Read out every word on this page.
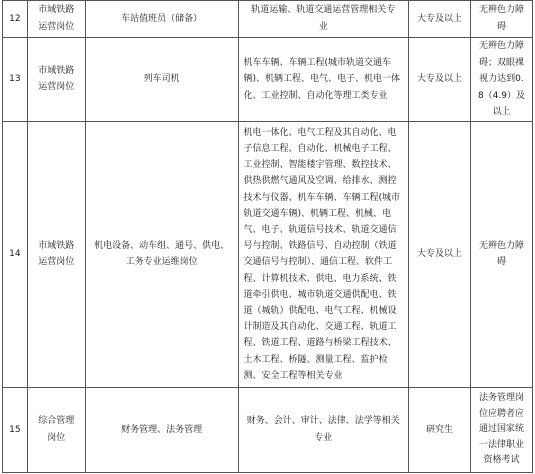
12	市域铁路运营岗位	车站值班员（储备）	轨道运输、轨道交通运营管理相关专业	大专及以上	无辨色力障碍
13	市域铁路运营岗位	列车司机	机车车辆、车辆工程(城市轨道交通车辆)、机辆工程、电气、电子、机电一体化、工业控制、自动化等理工类专业	大专及以上	无辨色力障碍；双眼裸视力达到0.8（4.9）及以上
14	市域铁路运营岗位	机电设备、动车组、通号、供电、工务专业运维岗位	机电一体化、电气工程及其自动化、电子信息工程、自动化、机械电子工程、工业控制、智能楼宇管理、数控技术、供热供燃气通风及空调、给排水、测控技术与仪器、机车车辆、车辆工程(城市轨道交通车辆)、机辆工程、机械、电气、电子、轨道信号技术、轨道交通信号与控制、铁路信号、自动控制（铁道交通信号与控制）、通信工程、软件工程、计算机技术、供电、电力系统、铁道牵引供电、城市轨道交通供配电、铁道（城轨）供配电、电气工程、机械设计制造及其自动化、交通工程、轨道工程、铁道工程、道路与桥梁工程技术、土木工程、桥隧、测量工程、监护检测、安全工程等相关专业	大专及以上	无辨色力障碍
15	综合管理岗位	财务管理、法务管理	财务、会计、审计、法律、法学等相关专业	研究生	法务管理岗位应聘者应通过国家统一法律职业资格考试
